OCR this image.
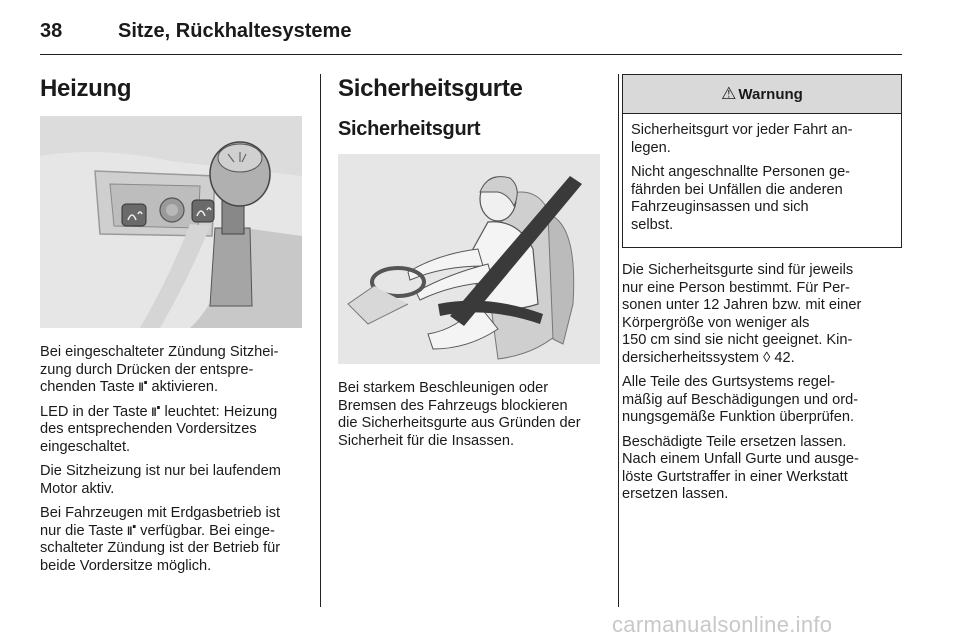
38	Sitze, Rückhaltesysteme
Heizung

Bei eingeschalteter Zündung Sitzhei-
zung durch Drücken der entspre-
chenden Taste ⑈ aktivieren.

LED in der Taste ⑈ leuchtet: Heizung
des entsprechenden Vordersitzes
eingeschaltet.

Die Sitzheizung ist nur bei laufendem
Motor aktiv.

Bei Fahrzeugen mit Erdgasbetrieb ist
nur die Taste ⑈ verfügbar. Bei einge-
schalteter Zündung ist der Betrieb für
beide Vordersitze möglich.

Sicherheitsgurte
Sicherheitsgurt

Bei starkem Beschleunigen oder
Bremsen des Fahrzeugs blockieren
die Sicherheitsgurte aus Gründen der
Sicherheit für die Insassen.

⚠ Warnung

Sicherheitsgurt vor jeder Fahrt an-
legen.

Nicht angeschnallte Personen ge-
fährden bei Unfällen die anderen
Fahrzeuginsassen und sich
selbst.

Die Sicherheitsgurte sind für jeweils
nur eine Person bestimmt. Für Per-
sonen unter 12 Jahren bzw. mit einer
Körpergröße von weniger als
150 cm sind sie nicht geeignet. Kin-
dersicherheitssystem ◊ 42.

Alle Teile des Gurtsystems regel-
mäßig auf Beschädigungen und ord-
nungsgemäße Funktion überprüfen.

Beschädigte Teile ersetzen lassen.
Nach einem Unfall Gurte und ausge-
löste Gurtstraffer in einer Werkstatt
ersetzen lassen.

carmanualsonline.info
